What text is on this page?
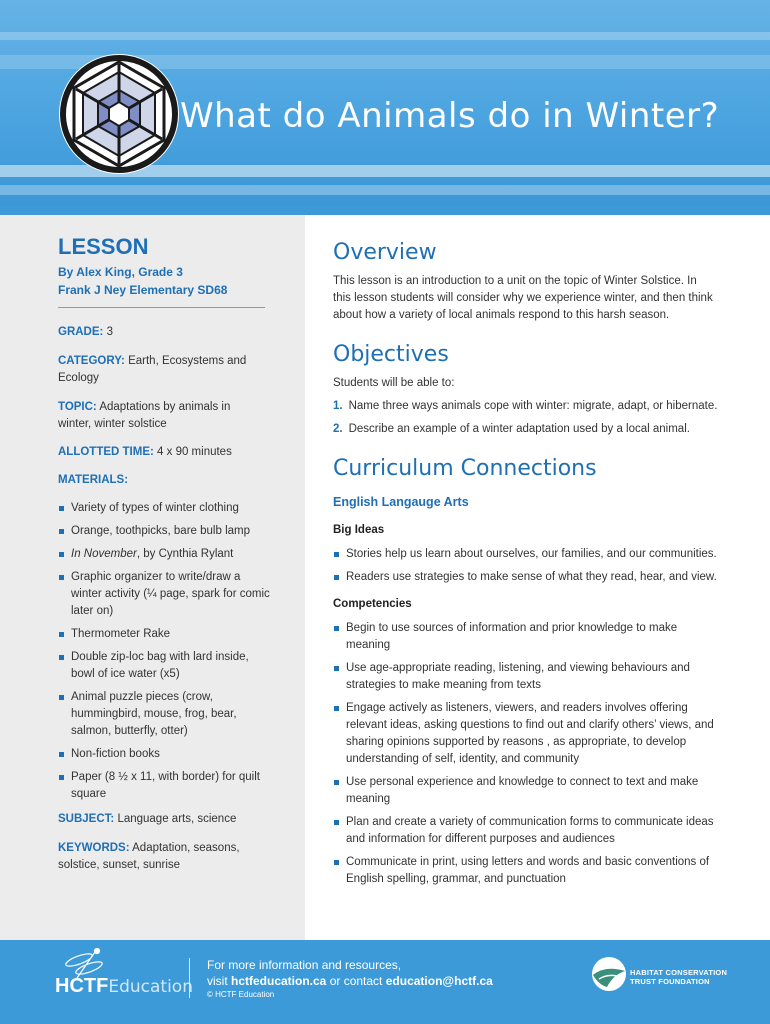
What do Animals do in Winter?
LESSON
By Alex King, Grade 3
Frank J Ney Elementary SD68
GRADE: 3
CATEGORY: Earth, Ecosystems and Ecology
TOPIC: Adaptations by animals in winter, winter solstice
ALLOTTED TIME: 4 x 90 minutes
MATERIALS:
Variety of types of winter clothing
Orange, toothpicks, bare bulb lamp
In November, by Cynthia Rylant
Graphic organizer to write/draw a winter activity (¼ page, spark for comic later on)
Thermometer Rake
Double zip-loc bag with lard inside, bowl of ice water (x5)
Animal puzzle pieces (crow, hummingbird, mouse, frog, bear, salmon, butterfly, otter)
Non-fiction books
Paper (8 ½ x 11, with border) for quilt square
SUBJECT: Language arts, science
KEYWORDS: Adaptation, seasons, solstice, sunset, sunrise
Overview
This lesson is an introduction to a unit on the topic of Winter Solstice. In this lesson students will consider why we experience winter, and then think about how a variety of local animals respond to this harsh season.
Objectives
Students will be able to:
1. Name three ways animals cope with winter: migrate, adapt, or hibernate.
2. Describe an example of a winter adaptation used by a local animal.
Curriculum Connections
English Langauge Arts
Big Ideas
Stories help us learn about ourselves, our families, and our communities.
Readers use strategies to make sense of what they read, hear, and view.
Competencies
Begin to use sources of information and prior knowledge to make meaning
Use age-appropriate reading, listening, and viewing behaviours and strategies to make meaning from texts
Engage actively as listeners, viewers, and readers involves offering relevant ideas, asking questions to find out and clarify others’ views, and sharing opinions supported by reasons , as appropriate, to develop understanding of self, identity, and community
Use personal experience and knowledge to connect to text and make meaning
Plan and create a variety of communication forms to communicate ideas and information for different purposes and audiences
Communicate in print, using letters and words and basic conventions of English spelling, grammar, and punctuation
HCTFEducation
For more information and resources,
visit hctfeducation.ca or contact education@hctf.ca
© HCTF Education
HABITAT CONSERVATION
TRUST FOUNDATION
